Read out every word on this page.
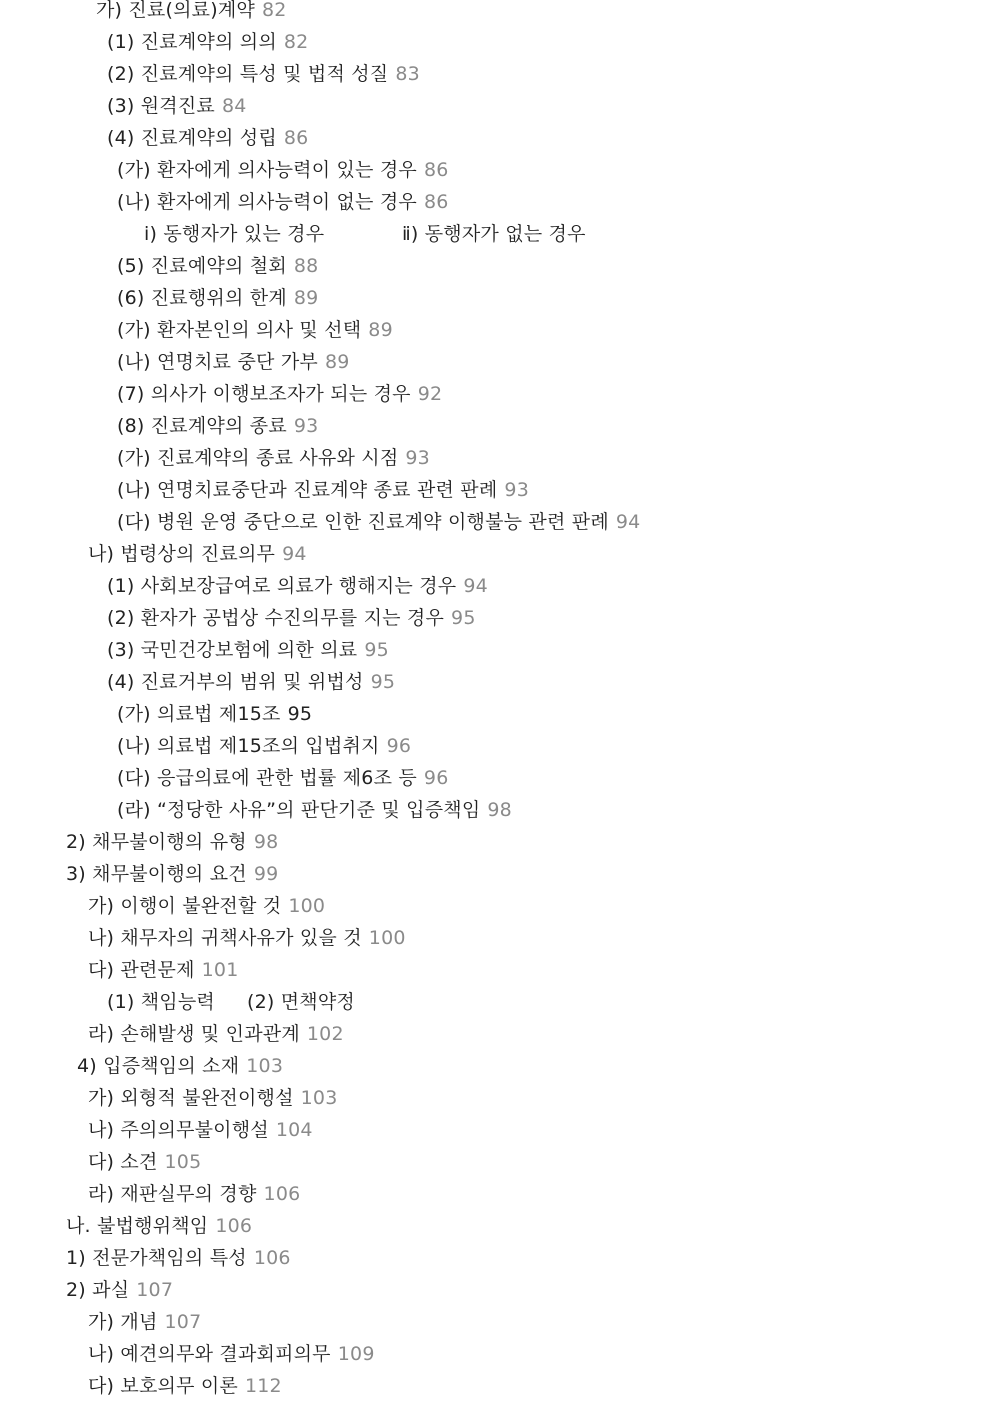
가) 진료(의료)계약 82
(1) 진료계약의 의의 82
(2) 진료계약의 특성 및 법적 성질 83
(3) 원격진료 84
(4) 진료계약의 성립 86
(가) 환자에게 의사능력이 있는 경우 86
(나) 환자에게 의사능력이 없는 경우 86
ⅰ) 동행자가 있는 경우	ⅱ) 동행자가 없는 경우
(5) 진료예약의 철회 88
(6) 진료행위의 한계 89
(가) 환자본인의 의사 및 선택 89
(나) 연명치료 중단 가부 89
(7) 의사가 이행보조자가 되는 경우 92
(8) 진료계약의 종료 93
(가) 진료계약의 종료 사유와 시점 93
(나) 연명치료중단과 진료계약 종료 관련 판례 93
(다) 병원 운영 중단으로 인한 진료계약 이행불능 관련 판례 94
나) 법령상의 진료의무 94
(1) 사회보장급여로 의료가 행해지는 경우 94
(2) 환자가 공법상 수진의무를 지는 경우 95
(3) 국민건강보험에 의한 의료 95
(4) 진료거부의 범위 및 위법성 95
(가) 의료법 제15조 95
(나) 의료법 제15조의 입법취지 96
(다) 응급의료에 관한 법률 제6조 등 96
(라) “정당한 사유”의 판단기준 및 입증책임 98
2) 채무불이행의 유형 98
3) 채무불이행의 요건 99
가) 이행이 불완전할 것 100
나) 채무자의 귀책사유가 있을 것 100
다) 관련문제 101
(1) 책임능력 (2) 면책약정
라) 손해발생 및 인과관계 102
4) 입증책임의 소재 103
가) 외형적 불완전이행설 103
나) 주의의무불이행설 104
다) 소견 105
라) 재판실무의 경향 106
나. 불법행위책임 106
1) 전문가책임의 특성 106
2) 과실 107
가) 개념 107
나) 예견의무와 결과회피의무 109
다) 보호의무 이론 112
